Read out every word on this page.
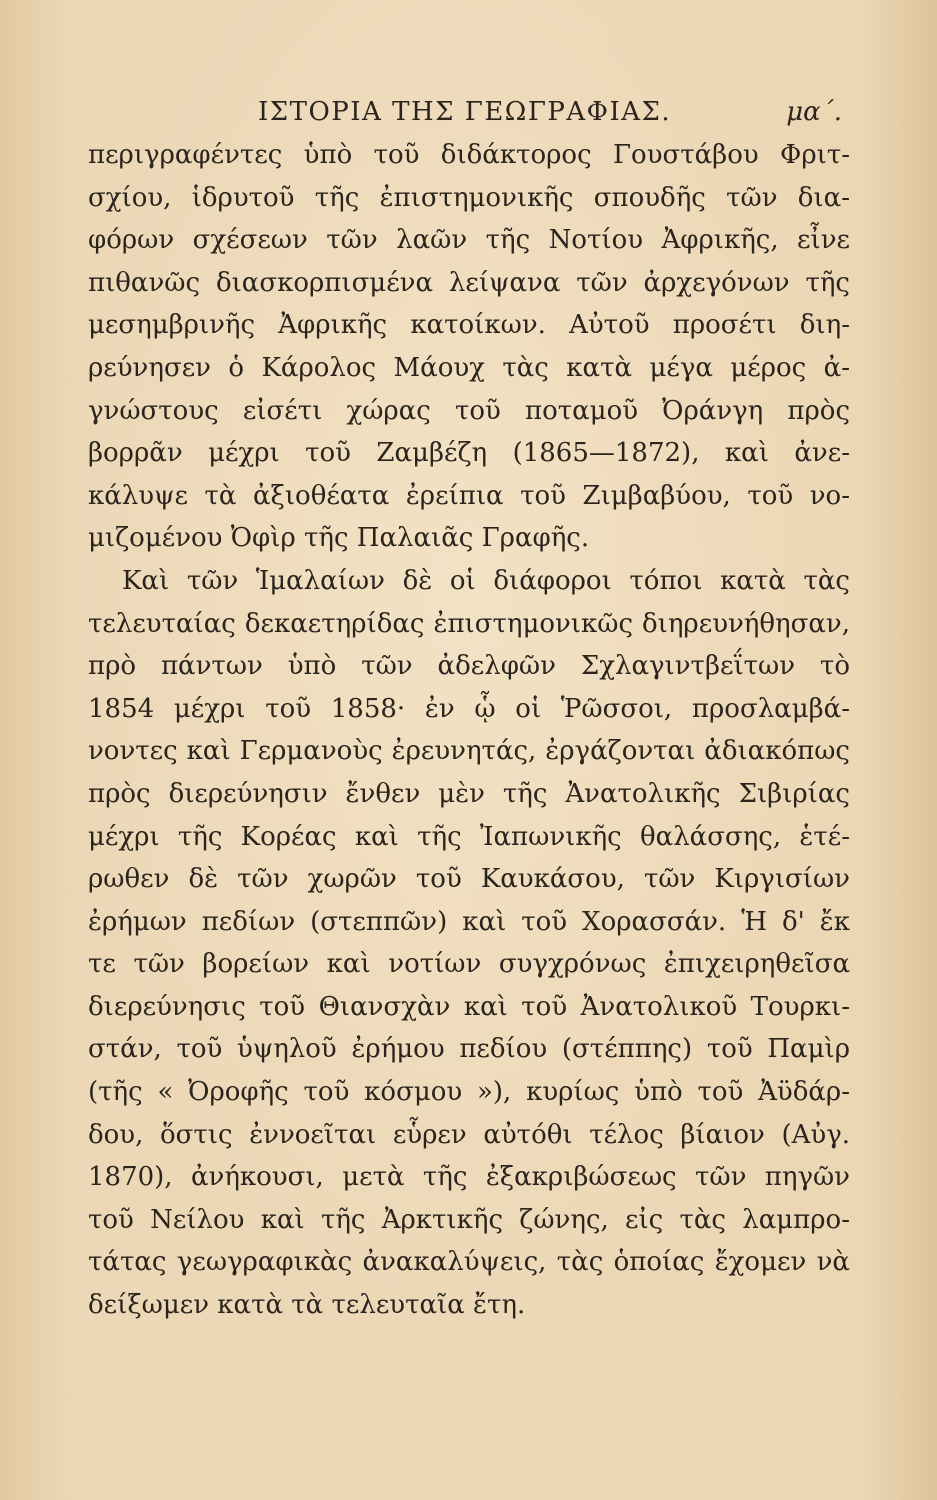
ΙΣΤΟΡΙΑ ΤΗΣ ΓΕΩΓΡΑΦΙΑΣ.	μα΄.
περιγραφέντες ὑπὸ τοῦ διδάκτορος Γουστάβου Φριτ-
σχίου, ἱδρυτοῦ τῆς ἐπιστημονικῆς σπουδῆς τῶν δια-
φόρων σχέσεων τῶν λαῶν τῆς Νοτίου Ἀφρικῆς, εἶνε
πιθανῶς διασκορπισμένα λείψανα τῶν ἀρχεγόνων τῆς
μεσημβρινῆς Ἀφρικῆς κατοίκων. Αὐτοῦ προσέτι διη-
ρεύνησεν ὁ Κάρολος Μάουχ τὰς κατὰ μέγα μέρος ἀ-
γνώστους εἰσέτι χώρας τοῦ ποταμοῦ Ὀράνγη πρὸς
βορρᾶν μέχρι τοῦ Ζαμβέζη (1865—1872), καὶ ἀνε-
κάλυψε τὰ ἀξιοθέατα ἐρείπια τοῦ Ζιμβαβύου, τοῦ νο-
μιζομένου Ὀφὶρ τῆς Παλαιᾶς Γραφῆς.
Καὶ τῶν Ἱμαλαίων δὲ οἱ διάφοροι τόποι κατὰ τὰς
τελευταίας δεκαετηρίδας ἐπιστημονικῶς διηρευνήθησαν,
πρὸ πάντων ὑπὸ τῶν ἀδελφῶν Σχλαγιντβεΐτων τὸ
1854 μέχρι τοῦ 1858· ἐν ᾧ οἱ Ῥῶσσοι, προσλαμβά-
νοντες καὶ Γερμανοὺς ἐρευνητάς, ἐργάζονται ἀδιακόπως
πρὸς διερεύνησιν ἔνθεν μὲν τῆς Ἀνατολικῆς Σιβιρίας
μέχρι τῆς Κορέας καὶ τῆς Ἰαπωνικῆς θαλάσσης, ἑτέ-
ρωθεν δὲ τῶν χωρῶν τοῦ Καυκάσου, τῶν Κιργισίων
ἐρήμων πεδίων (στεππῶν) καὶ τοῦ Χορασσάν. Ἡ δ' ἔκ
τε τῶν βορείων καὶ νοτίων συγχρόνως ἐπιχειρηθεῖσα
διερεύνησις τοῦ Θιανσχὰν καὶ τοῦ Ἀνατολικοῦ Τουρκι-
στάν, τοῦ ὑψηλοῦ ἐρήμου πεδίου (στέππης) τοῦ Παμὶρ
(τῆς « Ὀροφῆς τοῦ κόσμου »), κυρίως ὑπὸ τοῦ Ἀϋδάρ-
δου, ὅστις ἐννοεῖται εὗρεν αὐτόθι τέλος βίαιον (Αὐγ.
1870), ἀνήκουσι, μετὰ τῆς ἐξακριβώσεως τῶν πηγῶν
τοῦ Νείλου καὶ τῆς Ἀρκτικῆς ζώνης, εἰς τὰς λαμπρο-
τάτας γεωγραφικὰς ἀνακαλύψεις, τὰς ὁποίας ἔχομεν νὰ
δείξωμεν κατὰ τὰ τελευταῖα ἔτη.
